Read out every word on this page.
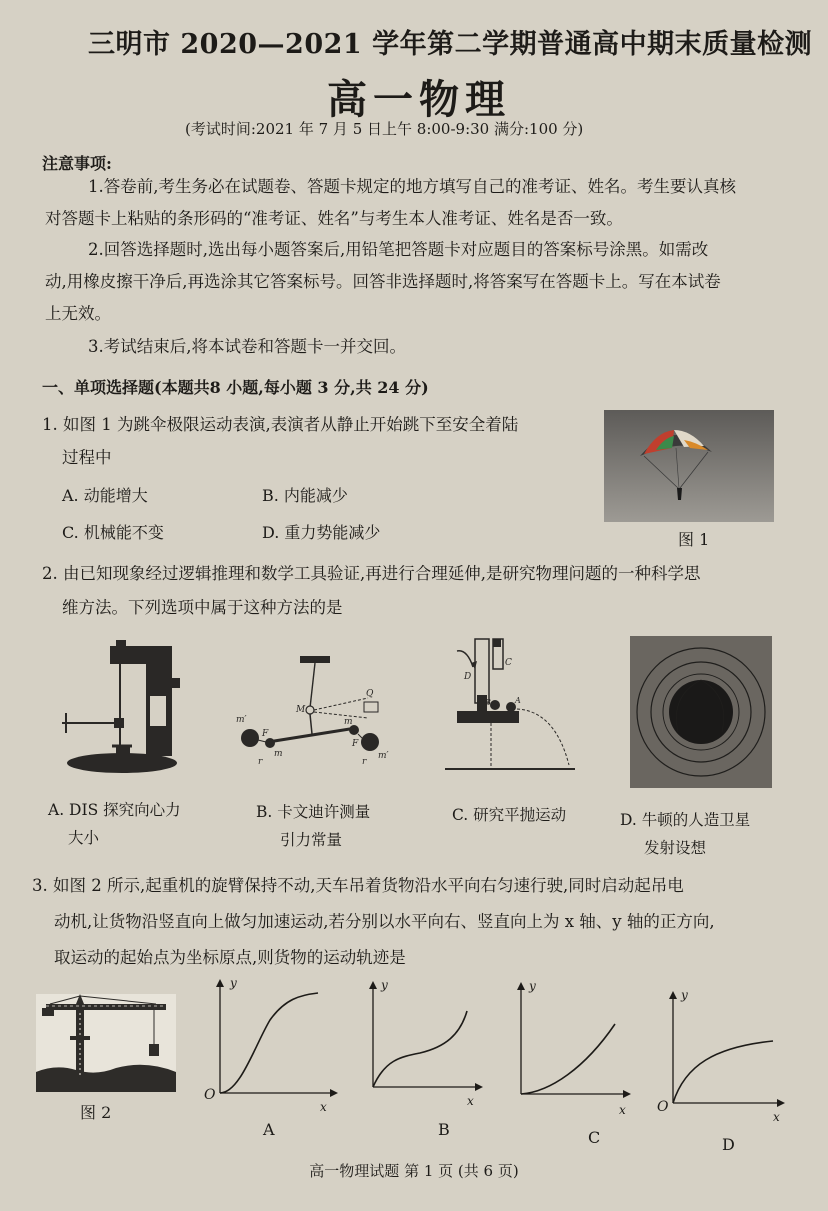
三明市 2020—2021 学年第二学期普通高中期末质量检测
高一物理
(考试时间:2021 年 7 月 5 日上午 8:00-9:30 满分:100 分)
注意事项:
1.答卷前,考生务必在试题卷、答题卡规定的地方填写自己的准考证、姓名。考生要认真核
对答题卡上粘贴的条形码的“准考证、姓名”与考生本人准考证、姓名是否一致。
2.回答选择题时,选出每小题答案后,用铅笔把答题卡对应题目的答案标号涂黑。如需改
动,用橡皮擦干净后,再选涂其它答案标号。回答非选择题时,将答案写在答题卡上。写在本试卷
上无效。
3.考试结束后,将本试卷和答题卡一并交回。
一、单项选择题(本题共8 小题,每小题 3 分,共 24 分)
1. 如图 1 为跳伞极限运动表演,表演者从静止开始跳下至安全着陆
过程中
A. 动能增大	B. 内能减少
C. 机械能不变	D. 重力势能减少	图 1
2. 由已知现象经过逻辑推理和数学工具验证,再进行合理延伸,是研究物理问题的一种科学思
维方法。下列选项中属于这种方法的是
A. DIS 探究向心力
大小
m′
m′
M
F
F
m
m
r	r
Q
B. 卡文迪许测量
引力常量
D
C
B	A
C. 研究平抛运动	D. 牛顿的人造卫星
发射设想
3. 如图 2 所示,起重机的旋臂保持不动,天车吊着货物沿水平向右匀速行驶,同时启动起吊电
动机,让货物沿竖直向上做匀加速运动,若分别以水平向右、竖直向上为 x 轴、y 轴的正方向,
取运动的起始点为坐标原点,则货物的运动轨迹是
图 2
y
x
O
A
y
x
B
y
x
C
y
x
O
D
高一物理试题 第 1 页 (共 6 页)
